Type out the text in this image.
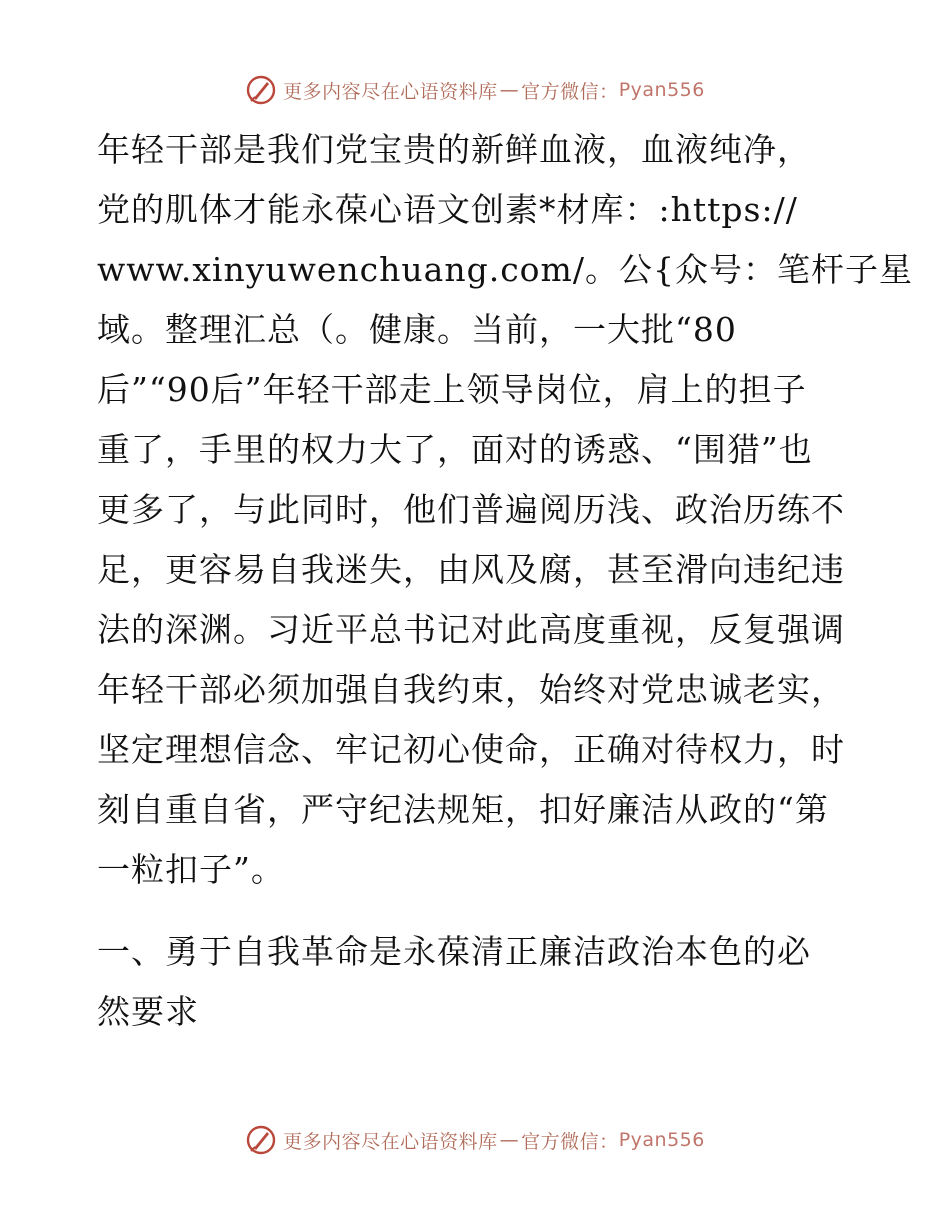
更多内容尽在心语资料库 — 官方微信： Pyan556
年轻干部是我们党宝贵的新鲜血液，血液纯净，
党的肌体才能永葆心语文创素*材库：:https://
www.xinyuwenchuang.com/。公{众号：笔杆子星
域。整理汇总（。健康。当前，一大批“80
后”“90后”年轻干部走上领导岗位，肩上的担子
重了，手里的权力大了，面对的诱惑、“围猎”也
更多了，与此同时，他们普遍阅历浅、政治历练不
足，更容易自我迷失，由风及腐，甚至滑向违纪违
法的深渊。习近平总书记对此高度重视，反复强调
年轻干部必须加强自我约束，始终对党忠诚老实，
坚定理想信念、牢记初心使命，正确对待权力，时
刻自重自省，严守纪法规矩，扣好廉洁从政的“第
一粒扣子”。
一、勇于自我革命是永葆清正廉洁政治本色的必
然要求
更多内容尽在心语资料库 — 官方微信： Pyan556
